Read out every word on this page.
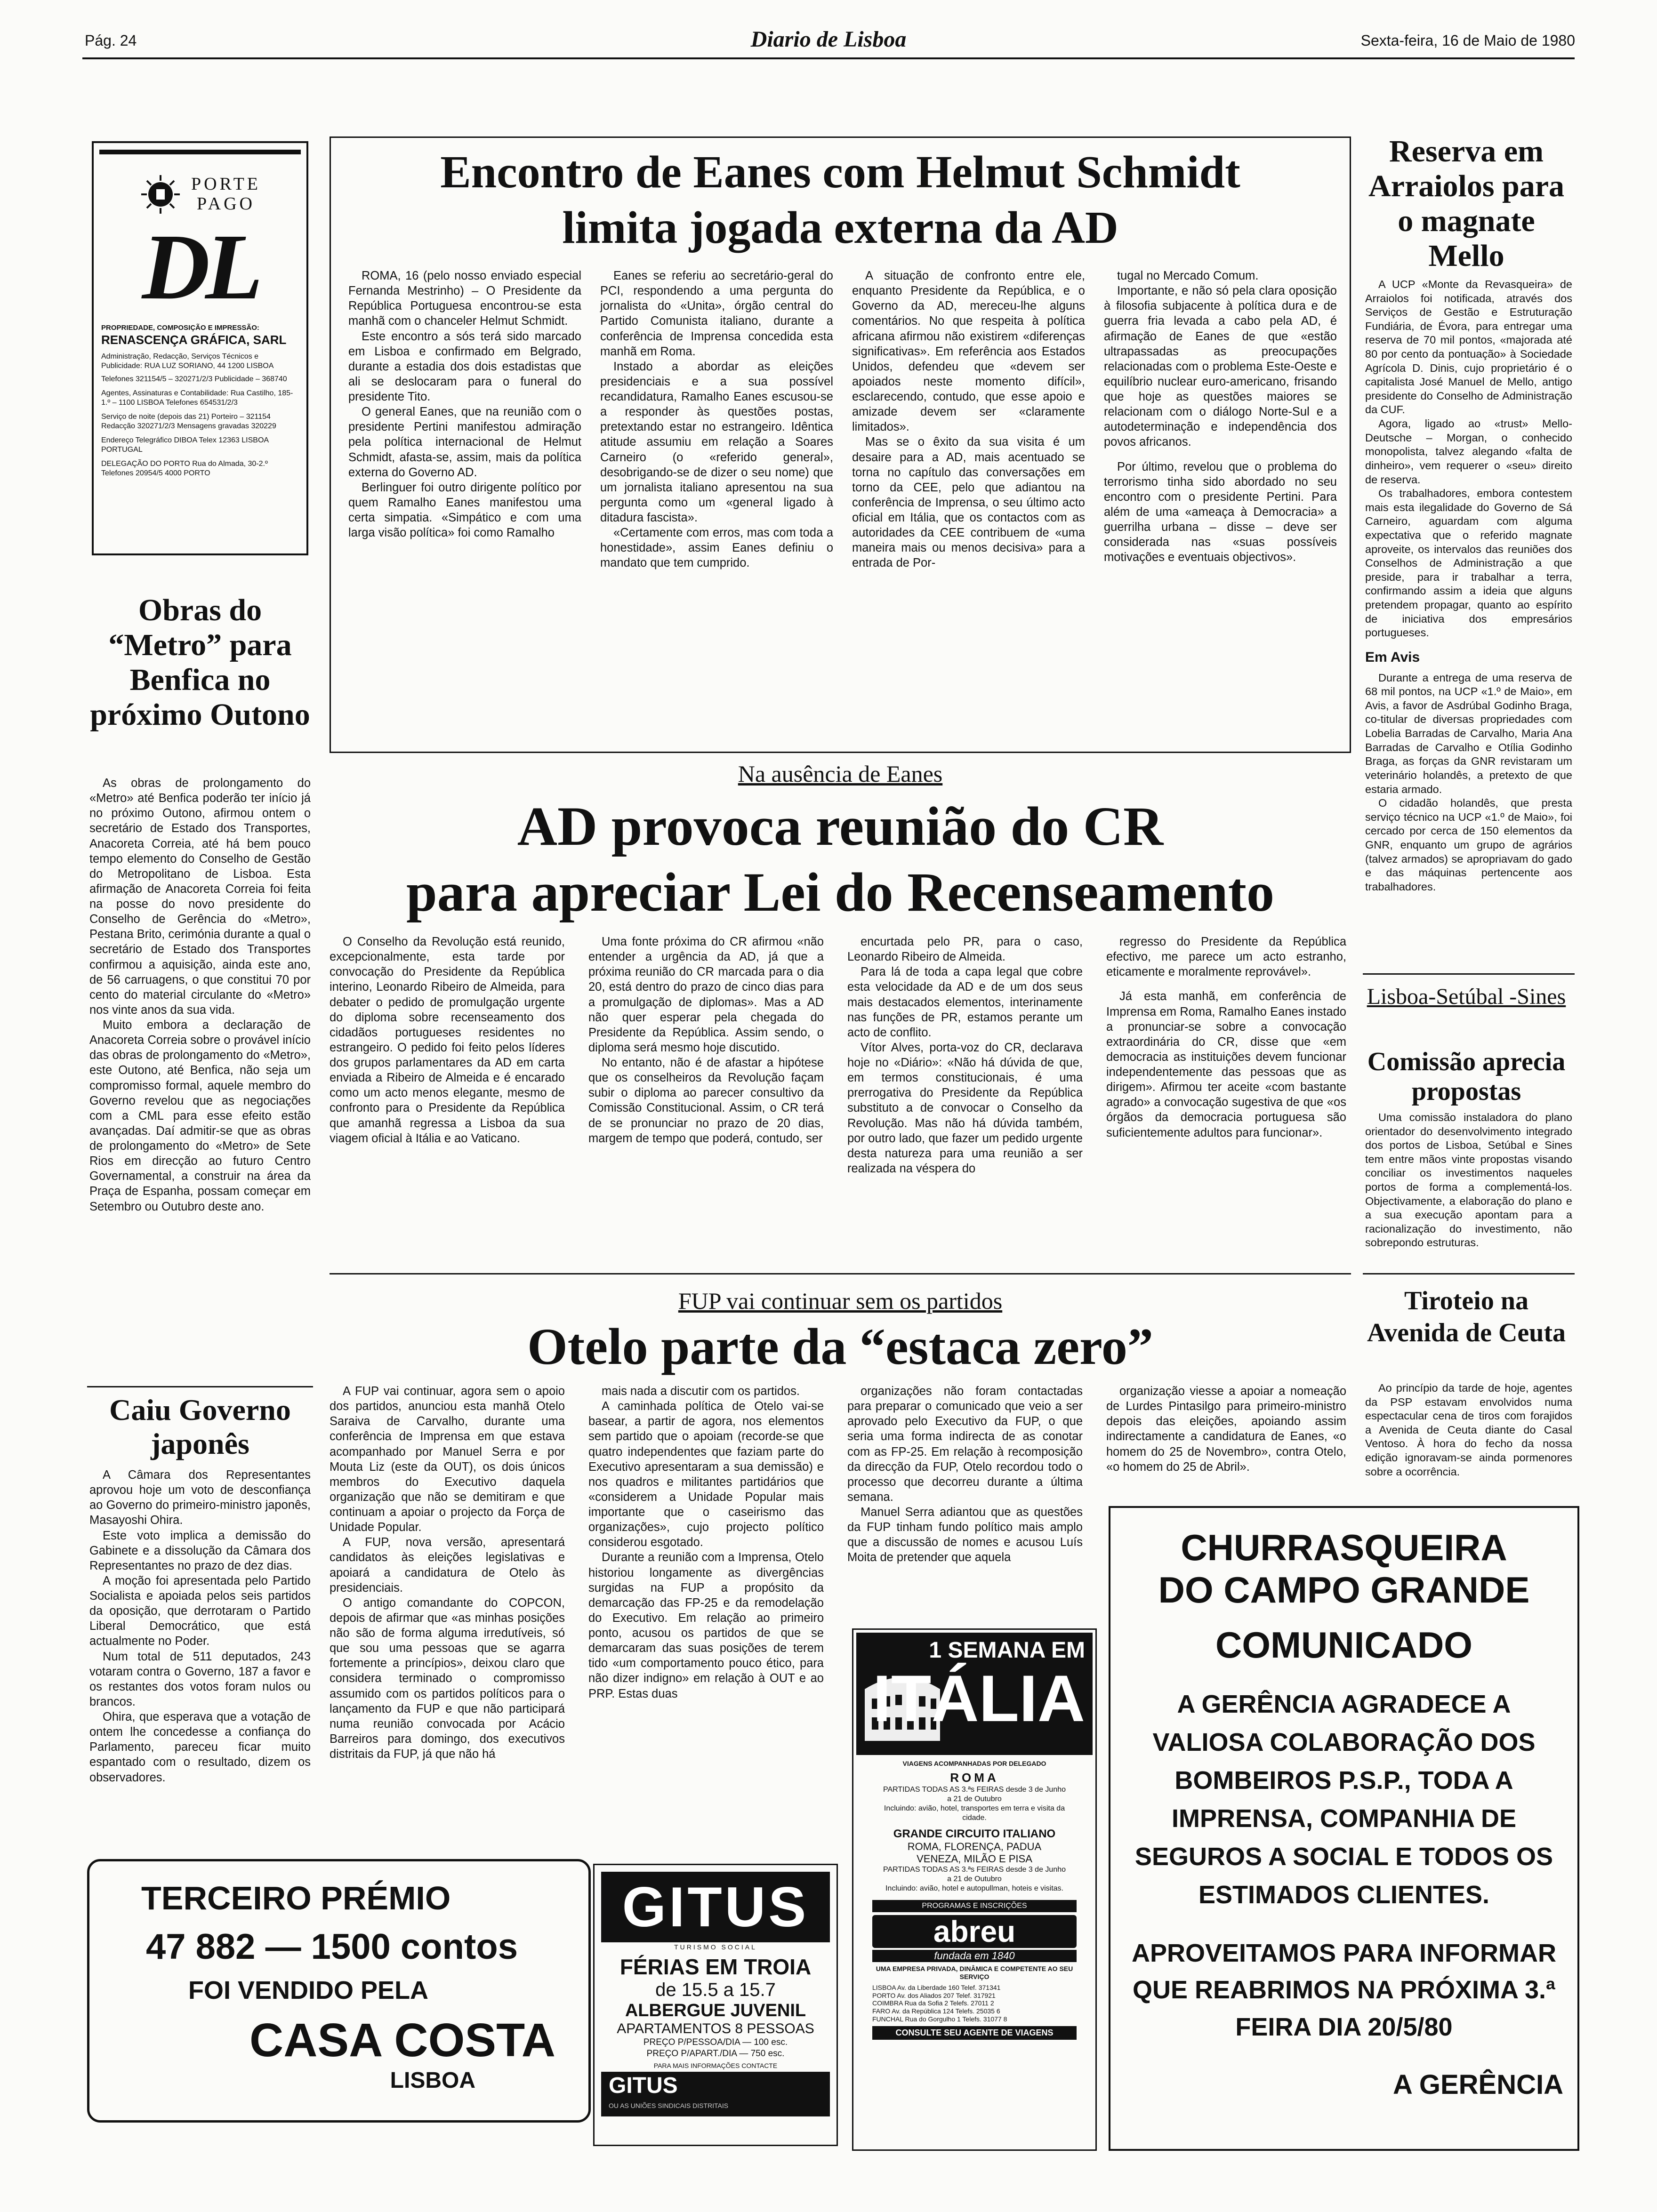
Pág. 24	Diario de Lisboa	Sexta-feira, 16 de Maio de 1980
PORTE
PAGO
DL
PROPRIEDADE, COMPOSIÇÃO E IMPRESSÃO:
RENASCENÇA GRÁFICA, SARL
Administração, Redacção, Serviços Técnicos e Publicidade: RUA LUZ SORIANO, 44 1200 LISBOA
Telefones 321154/5 – 320271/2/3 Publicidade – 368740
Agentes, Assinaturas e Contabilidade: Rua Castilho, 185-1.º – 1100 LISBOA Telefones 654531/2/3
Serviço de noite (depois das 21) Porteiro – 321154 Redacção 320271/2/3 Mensagens gravadas 320229
Endereço Telegráfico DIBOA Telex 12363 LISBOA PORTUGAL
DELEGAÇÃO DO PORTO Rua do Almada, 30-2.º Telefones 20954/5 4000 PORTO
Obras do “Metro” para Benfica no próximo Outono

As obras de prolongamento do «Metro» até Benfica poderão ter início já no próximo Outono, afirmou ontem o secretário de Estado dos Transportes, Anacoreta Correia, até há bem pouco tempo elemento do Conselho de Gestão do Metropolitano de Lisboa. Esta afirmação de Anacoreta Correia foi feita na posse do novo presidente do Conselho de Gerência do «Metro», Pestana Brito, cerimónia durante a qual o secretário de Estado dos Transportes confirmou a aquisição, ainda este ano, de 56 carruagens, o que constitui 70 por cento do material circulante do «Metro» nos vinte anos da sua vida.

Muito embora a declaração de Anacoreta Correia sobre o provável início das obras de prolongamento do «Metro», este Outono, até Benfica, não seja um compromisso formal, aquele membro do Governo revelou que as negociações com a CML para esse efeito estão avançadas. Daí admitir-se que as obras de prolongamento do «Metro» de Sete Rios em direcção ao futuro Centro Governamental, a construir na área da Praça de Espanha, possam começar em Setembro ou Outubro deste ano.

Caiu Governo japonês

A Câmara dos Representantes aprovou hoje um voto de desconfiança ao Governo do primeiro-ministro japonês, Masayoshi Ohira.

Este voto implica a demissão do Gabinete e a dissolução da Câmara dos Representantes no prazo de dez dias.

A moção foi apresentada pelo Partido Socialista e apoiada pelos seis partidos da oposição, que derrotaram o Partido Liberal Democrático, que está actualmente no Poder.

Num total de 511 deputados, 243 votaram contra o Governo, 187 a favor e os restantes dos votos foram nulos ou brancos.

Ohira, que esperava que a votação de ontem lhe concedesse a confiança do Parlamento, pareceu ficar muito espantado com o resultado, dizem os observadores.

TERCEIRO PRÉMIO
47 882 — 1500 contos
FOI VENDIDO PELA
CASA COSTA
LISBOA
Encontro de Eanes com Helmut Schmidt
limita jogada externa da AD

ROMA, 16 (pelo nosso enviado especial Fernanda Mestrinho) – O Presidente da República Portuguesa encontrou-se esta manhã com o chanceler Helmut Schmidt.

Este encontro a sós terá sido marcado em Lisboa e confirmado em Belgrado, durante a estadia dos dois estadistas que ali se deslocaram para o funeral do presidente Tito.

O general Eanes, que na reunião com o presidente Pertini manifestou admiração pela política internacional de Helmut Schmidt, afasta-se, assim, mais da política externa do Governo AD.

Berlinguer foi outro dirigente político por quem Ramalho Eanes manifestou uma certa simpatia. «Simpático e com uma larga visão política» foi como Ramalho

Eanes se referiu ao secretário-geral do PCI, respondendo a uma pergunta do jornalista do «Unita», órgão central do Partido Comunista italiano, durante a conferência de Imprensa concedida esta manhã em Roma.

Instado a abordar as eleições presidenciais e a sua possível recandidatura, Ramalho Eanes escusou-se a responder às questões postas, pretextando estar no estrangeiro. Idêntica atitude assumiu em relação a Soares Carneiro (o «referido general», desobrigando-se de dizer o seu nome) que um jornalista italiano apresentou na sua pergunta como um «general ligado à ditadura fascista».

«Certamente com erros, mas com toda a honestidade», assim Eanes definiu o mandato que tem cumprido.

A situação de confronto entre ele, enquanto Presidente da República, e o Governo da AD, mereceu-lhe alguns comentários. No que respeita à política africana afirmou não existirem «diferenças significativas». Em referência aos Estados Unidos, defendeu que «devem ser apoiados neste momento difícil», esclarecendo, contudo, que esse apoio e amizade devem ser «claramente limitados».

Mas se o êxito da sua visita é um desaire para a AD, mais acentuado se torna no capítulo das conversações em torno da CEE, pelo que adiantou na conferência de Imprensa, o seu último acto oficial em Itália, que os contactos com as autoridades da CEE contribuem de «uma maneira mais ou menos decisiva» para a entrada de Por-

tugal no Mercado Comum.

Importante, e não só pela clara oposição à filosofia subjacente à política dura e de guerra fria levada a cabo pela AD, é afirmação de Eanes de que «estão ultrapassadas as preocupações relacionadas com o problema Este-Oeste e equilíbrio nuclear euro-americano, frisando que hoje as questões maiores se relacionam com o diálogo Norte-Sul e a autodeterminação e independência dos povos africanos.

Por último, revelou que o problema do terrorismo tinha sido abordado no seu encontro com o presidente Pertini. Para além de uma «ameaça à Democracia» a guerrilha urbana – disse – deve ser considerada nas «suas possíveis motivações e eventuais objectivos».

Na ausência de Eanes
AD provoca reunião do CR
para apreciar Lei do Recenseamento

O Conselho da Revolução está reunido, excepcionalmente, esta tarde por convocação do Presidente da República interino, Leonardo Ribeiro de Almeida, para debater o pedido de promulgação urgente do diploma sobre recenseamento dos cidadãos portugueses residentes no estrangeiro. O pedido foi feito pelos líderes dos grupos parlamentares da AD em carta enviada a Ribeiro de Almeida e é encarado como um acto menos elegante, mesmo de confronto para o Presidente da República que amanhã regressa a Lisboa da sua viagem oficial à Itália e ao Vaticano.

Uma fonte próxima do CR afirmou «não entender a urgência da AD, já que a próxima reunião do CR marcada para o dia 20, está dentro do prazo de cinco dias para a promulgação de diplomas». Mas a AD não quer esperar pela chegada do Presidente da República. Assim sendo, o diploma será mesmo hoje discutido.

No entanto, não é de afastar a hipótese que os conselheiros da Revolução façam subir o diploma ao parecer consultivo da Comissão Constitucional. Assim, o CR terá de se pronunciar no prazo de 20 dias, margem de tempo que poderá, contudo, ser

encurtada pelo PR, para o caso, Leonardo Ribeiro de Almeida.

Para lá de toda a capa legal que cobre esta velocidade da AD e de um dos seus mais destacados elementos, interinamente nas funções de PR, estamos perante um acto de conflito.

Vítor Alves, porta-voz do CR, declarava hoje no «Diário»: «Não há dúvida de que, em termos constitucionais, é uma prerrogativa do Presidente da República substituto a de convocar o Conselho da Revolução. Mas não há dúvida também, por outro lado, que fazer um pedido urgente desta natureza para uma reunião a ser realizada na véspera do

regresso do Presidente da República efectivo, me parece um acto estranho, eticamente e moralmente reprovável».

Já esta manhã, em conferência de Imprensa em Roma, Ramalho Eanes instado a pronunciar-se sobre a convocação extraordinária do CR, disse que «em democracia as instituições devem funcionar independentemente das pessoas que as dirigem». Afirmou ter aceite «com bastante agrado» a convocação sugestiva de que «os órgãos da democracia portuguesa são suficientemente adultos para funcionar».

FUP vai continuar sem os partidos
Otelo parte da “estaca zero”

A FUP vai continuar, agora sem o apoio dos partidos, anunciou esta manhã Otelo Saraiva de Carvalho, durante uma conferência de Imprensa em que estava acompanhado por Manuel Serra e por Mouta Liz (este da OUT), os dois únicos membros do Executivo daquela organização que não se demitiram e que continuam a apoiar o projecto da Força de Unidade Popular.

A FUP, nova versão, apresentará candidatos às eleições legislativas e apoiará a candidatura de Otelo às presidenciais.

O antigo comandante do COPCON, depois de afirmar que «as minhas posições não são de forma alguma irredutíveis, só que sou uma pessoas que se agarra fortemente a princípios», deixou claro que considera terminado o compromisso assumido com os partidos políticos para o lançamento da FUP e que não participará numa reunião convocada por Acácio Barreiros para domingo, dos executivos distritais da FUP, já que não há

mais nada a discutir com os partidos.

A caminhada política de Otelo vai-se basear, a partir de agora, nos elementos sem partido que o apoiam (recorde-se que quatro independentes que faziam parte do Executivo apresentaram a sua demissão) e nos quadros e militantes partidários que «considerem a Unidade Popular mais importante que o caseirismo das organizações», cujo projecto político considerou esgotado.

Durante a reunião com a Imprensa, Otelo historiou longamente as divergências surgidas na FUP a propósito da demarcação das FP-25 e da remodelação do Executivo. Em relação ao primeiro ponto, acusou os partidos de que se demarcaram das suas posições de terem tido «um comportamento pouco ético, para não dizer indigno» em relação à OUT e ao PRP. Estas duas

organizações não foram contactadas para preparar o comunicado que veio a ser aprovado pelo Executivo da FUP, o que seria uma forma indirecta de as conotar com as FP-25. Em relação à recomposição da direcção da FUP, Otelo recordou todo o processo que decorreu durante a última semana.

Manuel Serra adiantou que as questões da FUP tinham fundo político mais amplo que a discussão de nomes e acusou Luís Moita de pretender que aquela

organização viesse a apoiar a nomeação de Lurdes Pintasilgo para primeiro-ministro depois das eleições, apoiando assim indirectamente a candidatura de Eanes, «o homem do 25 de Novembro», contra Otelo, «o homem do 25 de Abril».

GITUS
TURISMO SOCIAL
FÉRIAS EM TROIA
de 15.5 a 15.7
ALBERGUE JUVENIL
APARTAMENTOS 8 PESSOAS
PREÇO P/PESSOA/DIA — 100 esc.
PREÇO P/APART./DIA — 750 esc.
PARA MAIS INFORMAÇÕES CONTACTE
GITUS
OU AS UNIÕES SINDICAIS DISTRITAIS
1 SEMANA EM
ITÁLIA
VIAGENS ACOMPANHADAS POR DELEGADO
ROMA
PARTIDAS TODAS AS 3.ªs FEIRAS desde 3 de Junho a 21 de Outubro
Incluindo: avião, hotel, transportes em terra e visita da cidade.
GRANDE CIRCUITO ITALIANO
ROMA, FLORENÇA, PADUA VENEZA, MILÃO E PISA
PARTIDAS TODAS AS 3.ªs FEIRAS desde 3 de Junho a 21 de Outubro
Incluindo: avião, hotel e autopullman, hoteis e visitas.
PROGRAMAS E INSCRIÇÕES
abreu
fundada em 1840
UMA EMPRESA PRIVADA, DINÂMICA E COMPETENTE AO SEU SERVIÇO
LISBOA Av. da Liberdade 160 Telef. 371341
PORTO Av. dos Aliados 207 Telef. 317921
COIMBRA Rua da Sofia 2 Telefs. 27011 2
FARO Av. da República 124 Telefs. 25035 6
FUNCHAL Rua do Gorgulho 1 Telefs. 31077 8
CONSULTE SEU AGENTE DE VIAGENS
Reserva em Arraiolos para o magnate Mello

A UCP «Monte da Revasqueira» de Arraiolos foi notificada, através dos Serviços de Gestão e Estruturação Fundiária, de Évora, para entregar uma reserva de 70 mil pontos, «majorada até 80 por cento da pontuação» à Sociedade Agrícola D. Dinis, cujo proprietário é o capitalista José Manuel de Mello, antigo presidente do Conselho de Administração da CUF.

Agora, ligado ao «trust» Mello-Deutsche – Morgan, o conhecido monopolista, talvez alegando «falta de dinheiro», vem requerer o «seu» direito de reserva.

Os trabalhadores, embora contestem mais esta ilegalidade do Governo de Sá Carneiro, aguardam com alguma expectativa que o referido magnate aproveite, os intervalos das reuniões dos Conselhos de Administração a que preside, para ir trabalhar a terra, confirmando assim a ideia que alguns pretendem propagar, quanto ao espírito de iniciativa dos empresários portugueses.

Em Avis

Durante a entrega de uma reserva de 68 mil pontos, na UCP «1.º de Maio», em Avis, a favor de Asdrúbal Godinho Braga, co-titular de diversas propriedades com Lobelia Barradas de Carvalho, Maria Ana Barradas de Carvalho e Otília Godinho Braga, as forças da GNR revistaram um veterinário holandês, a pretexto de que estaria armado.

O cidadão holandês, que presta serviço técnico na UCP «1.º de Maio», foi cercado por cerca de 150 elementos da GNR, enquanto um grupo de agrários (talvez armados) se apropriavam do gado e das máquinas pertencente aos trabalhadores.

Lisboa-Setúbal -Sines
Comissão aprecia propostas

Uma comissão instaladora do plano orientador do desenvolvimento integrado dos portos de Lisboa, Setúbal e Sines tem entre mãos vinte propostas visando conciliar os investimentos naqueles portos de forma a complementá-los. Objectivamente, a elaboração do plano e a sua execução apontam para a racionalização do investimento, não sobrepondo estruturas.

Tiroteio na Avenida de Ceuta

Ao princípio da tarde de hoje, agentes da PSP estavam envolvidos numa espectacular cena de tiros com forajidos a Avenida de Ceuta diante do Casal Ventoso. À hora do fecho da nossa edição ignoravam-se ainda pormenores sobre a ocorrência.

CHURRASQUEIRA
DO CAMPO GRANDE
COMUNICADO
A GERÊNCIA AGRADECE A VALIOSA COLABORAÇÃO DOS BOMBEIROS P.S.P., TODA A IMPRENSA, COMPANHIA DE SEGUROS A SOCIAL E TODOS OS ESTIMADOS CLIENTES.
APROVEITAMOS PARA INFORMAR QUE REABRIMOS NA PRÓXIMA 3.ª FEIRA DIA 20/5/80
A GERÊNCIA
